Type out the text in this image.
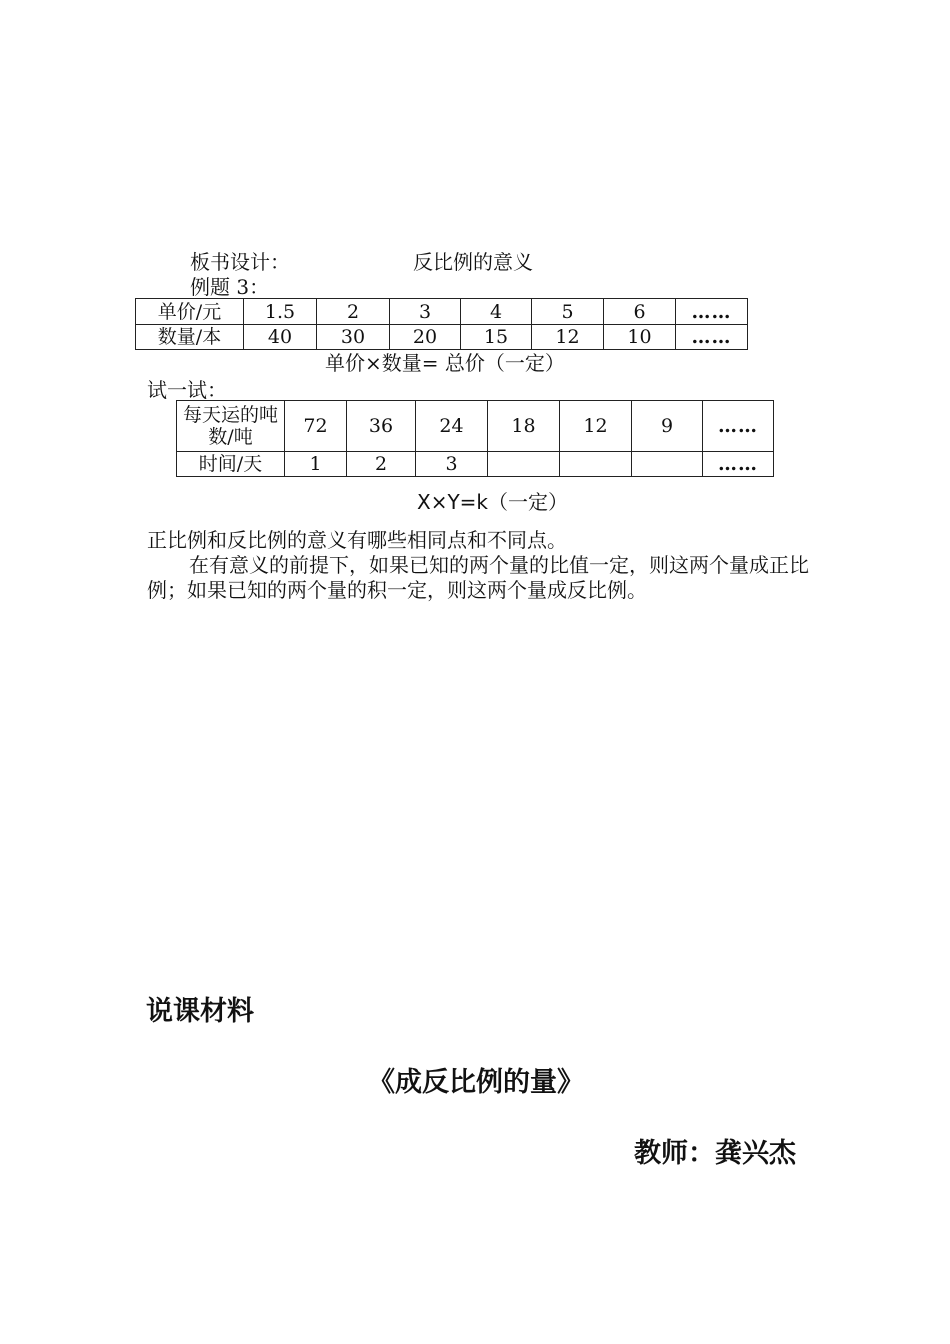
板书设计：	反比例的意义
例题 3：
单价/元	1.5	2	3	4	5	6	……
数量/本	40	30	20	15	12	10	……
单价×数量= 总价（一定）
试一试：
每天运的吨数/吨	72	36	24	18	12	9	……
时间/天	1	2	3				……
X×Y=k（一定）
正比例和反比例的意义有哪些相同点和不同点。
在有意义的前提下，如果已知的两个量的比值一定，则这两个量成正比例；如果已知的两个量的积一定，则这两个量成反比例。
说课材料
《成反比例的量》
教师：龚兴杰
